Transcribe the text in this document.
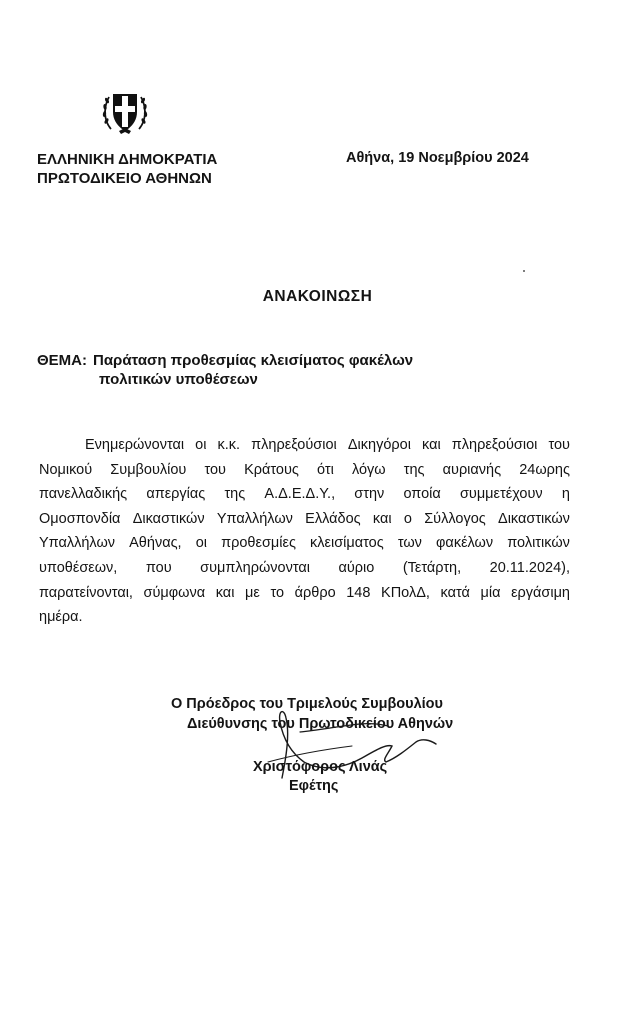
ΕΛΛΗΝΙΚΗ ΔΗΜΟΚΡΑΤΙΑ
ΠΡΩΤΟΔΙΚΕΙΟ ΑΘΗΝΩΝ
Αθήνα, 19 Νοεμβρίου 2024
ΑΝΑΚΟΙΝΩΣΗ
ΘΕΜΑ: Παράταση προθεσμίας κλεισίματος φακέλων
πολιτικών υποθέσεων
Ενημερώνονται οι κ.κ. πληρεξούσιοι Δικηγόροι και πληρεξούσιοι του
Νομικού Συμβουλίου του Κράτους ότι λόγω της αυριανής 24ωρης
πανελλαδικής απεργίας της Α.Δ.Ε.Δ.Υ., στην οποία συμμετέχουν η
Ομοσπονδία Δικαστικών Υπαλλήλων Ελλάδος και ο Σύλλογος Δικαστικών
Υπαλλήλων Αθήνας, οι προθεσμίες κλεισίματος των φακέλων πολιτικών
υποθέσεων, που συμπληρώνονται αύριο (Τετάρτη, 20.11.2024),
παρατείνονται, σύμφωνα και με το άρθρο 148 ΚΠολΔ, κατά μία εργάσιμη
ημέρα.
Ο Πρόεδρος του Τριμελούς Συμβουλίου
Διεύθυνσης του Πρωτοδικείου Αθηνών
Χριστόφορος Λινάς
Εφέτης
